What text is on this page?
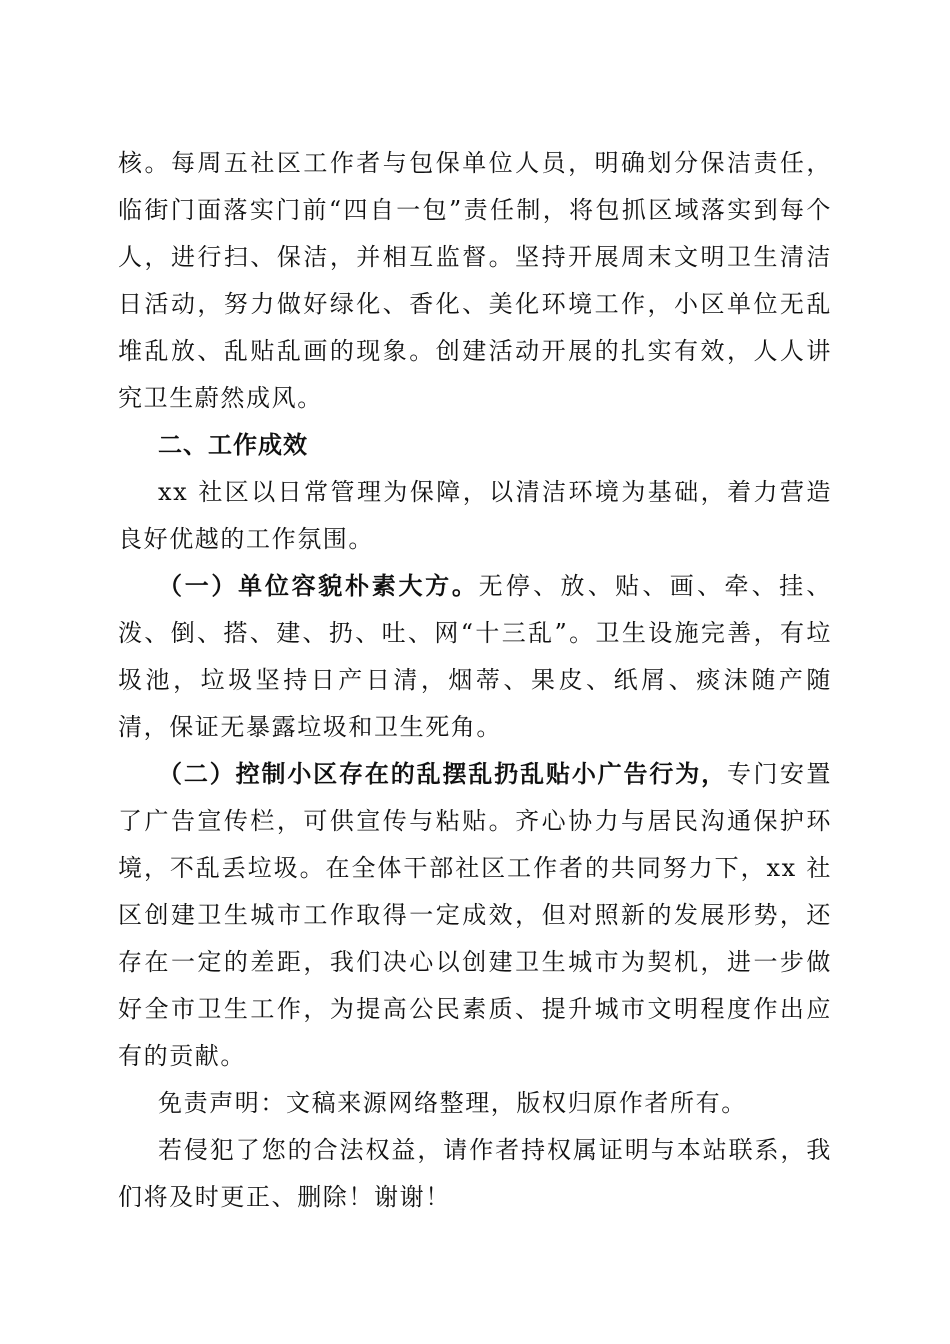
核。每周五社区工作者与包保单位人员，明确划分保洁责任，临街门面落实门前“四自一包”责任制，将包抓区域落实到每个人，进行扫、保洁，并相互监督。坚持开展周末文明卫生清洁日活动，努力做好绿化、香化、美化环境工作，小区单位无乱堆乱放、乱贴乱画的现象。创建活动开展的扎实有效，人人讲究卫生蔚然成风。

二、工作成效

xx 社区以日常管理为保障，以清洁环境为基础，着力营造良好优越的工作氛围。

（一）单位容貌朴素大方。无停、放、贴、画、牵、挂、泼、倒、搭、建、扔、吐、网“十三乱”。卫生设施完善，有垃圾池，垃圾坚持日产日清，烟蒂、果皮、纸屑、痰沫随产随清，保证无暴露垃圾和卫生死角。

（二）控制小区存在的乱摆乱扔乱贴小广告行为，专门安置了广告宣传栏，可供宣传与粘贴。齐心协力与居民沟通保护环境，不乱丢垃圾。在全体干部社区工作者的共同努力下，xx 社区创建卫生城市工作取得一定成效，但对照新的发展形势，还存在一定的差距，我们决心以创建卫生城市为契机，进一步做好全市卫生工作，为提高公民素质、提升城市文明程度作出应有的贡献。

免责声明：文稿来源网络整理，版权归原作者所有。

若侵犯了您的合法权益，请作者持权属证明与本站联系，我们将及时更正、删除！谢谢！
